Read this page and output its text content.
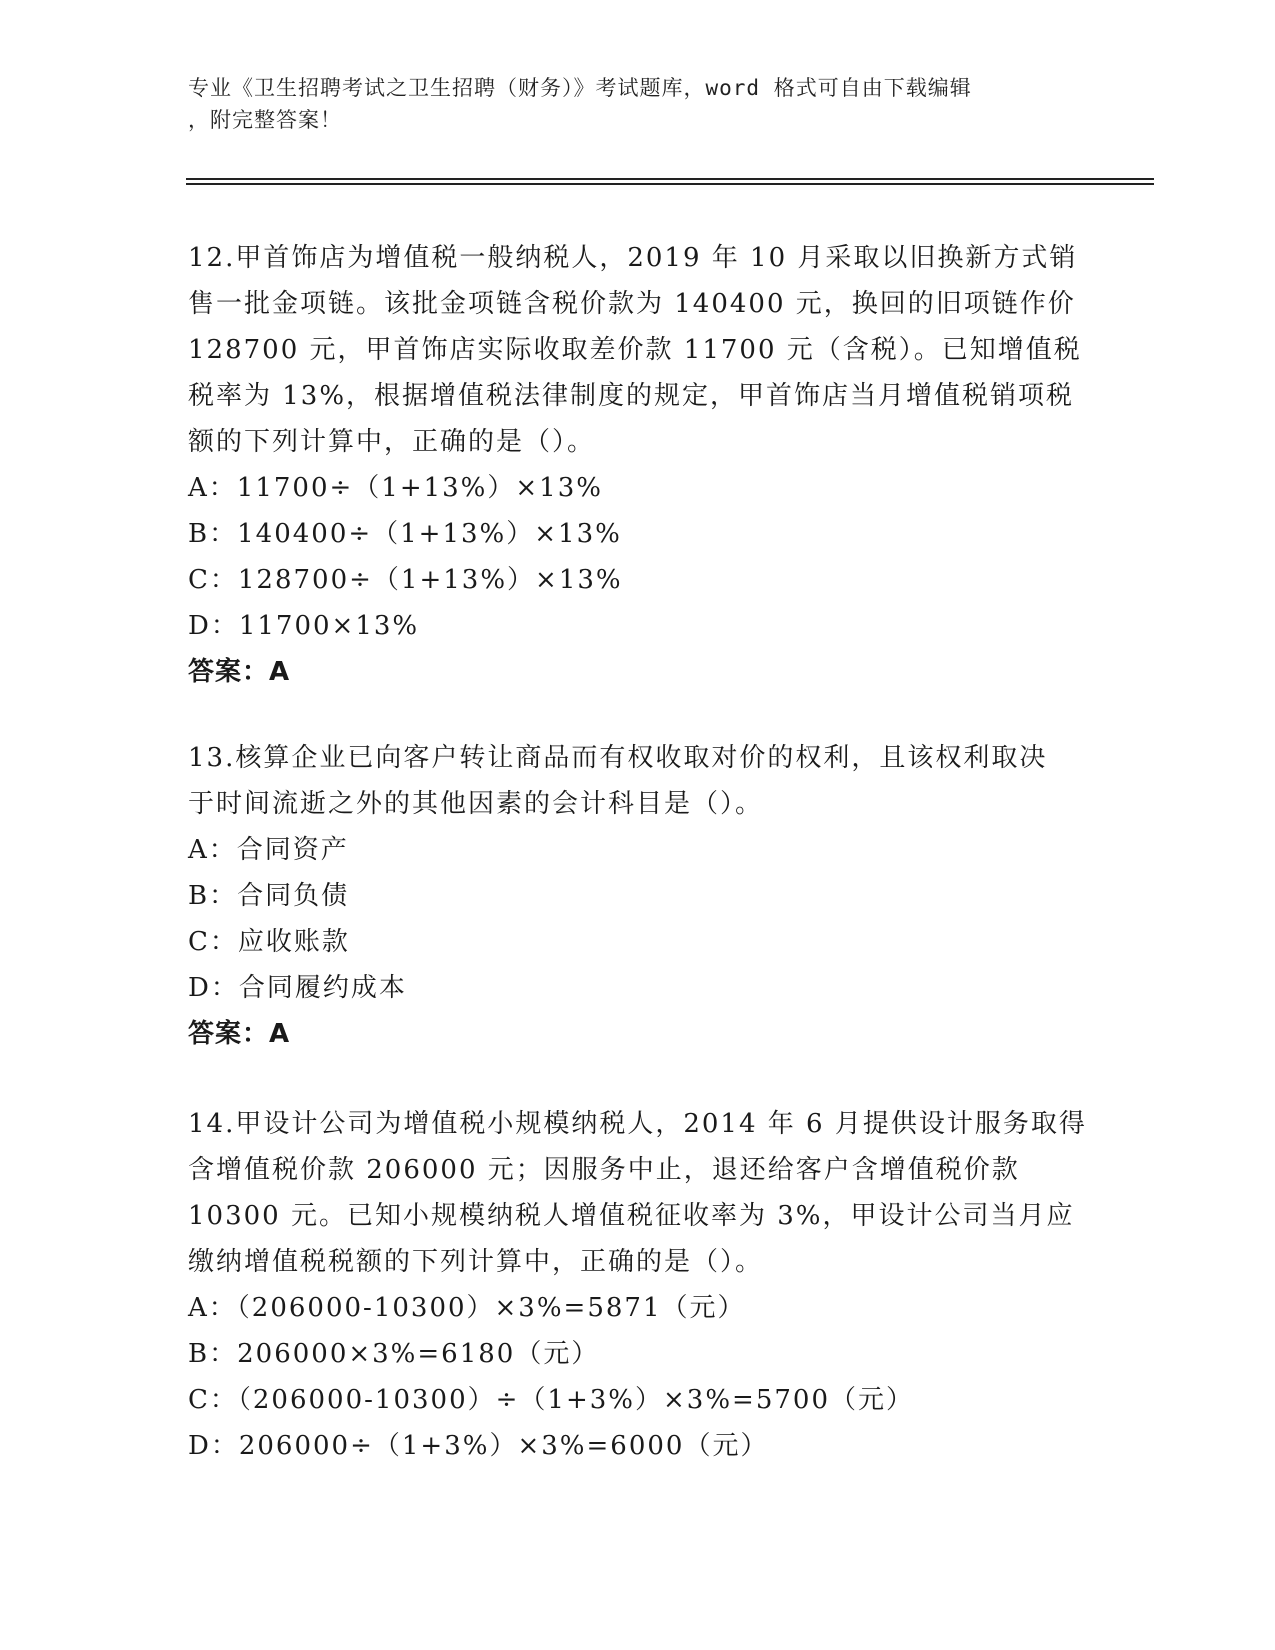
专业《卫生招聘考试之卫生招聘（财务）》考试题库，word 格式可自由下载编辑
，附完整答案！
12.甲首饰店为增值税一般纳税人，2019 年 10 月采取以旧换新方式销
售一批金项链。该批金项链含税价款为 140400 元，换回的旧项链作价
128700 元，甲首饰店实际收取差价款 11700 元（含税）。已知增值税
税率为 13%，根据增值税法律制度的规定，甲首饰店当月增值税销项税
额的下列计算中，正确的是（）。
A：11700÷（1+13%）×13%
B：140400÷（1+13%）×13%
C：128700÷（1+13%）×13%
D：11700×13%
答案：A
13.核算企业已向客户转让商品而有权收取对价的权利，且该权利取决
于时间流逝之外的其他因素的会计科目是（）。
A：合同资产
B：合同负债
C：应收账款
D：合同履约成本
答案：A
14.甲设计公司为增值税小规模纳税人，2014 年 6 月提供设计服务取得
含增值税价款 206000 元；因服务中止，退还给客户含增值税价款
10300 元。已知小规模纳税人增值税征收率为 3%，甲设计公司当月应
缴纳增值税税额的下列计算中，正确的是（）。
A：（206000-10300）×3%=5871（元）
B：206000×3%=6180（元）
C：（206000-10300）÷（1+3%）×3%=5700（元）
D：206000÷（1+3%）×3%=6000（元）
